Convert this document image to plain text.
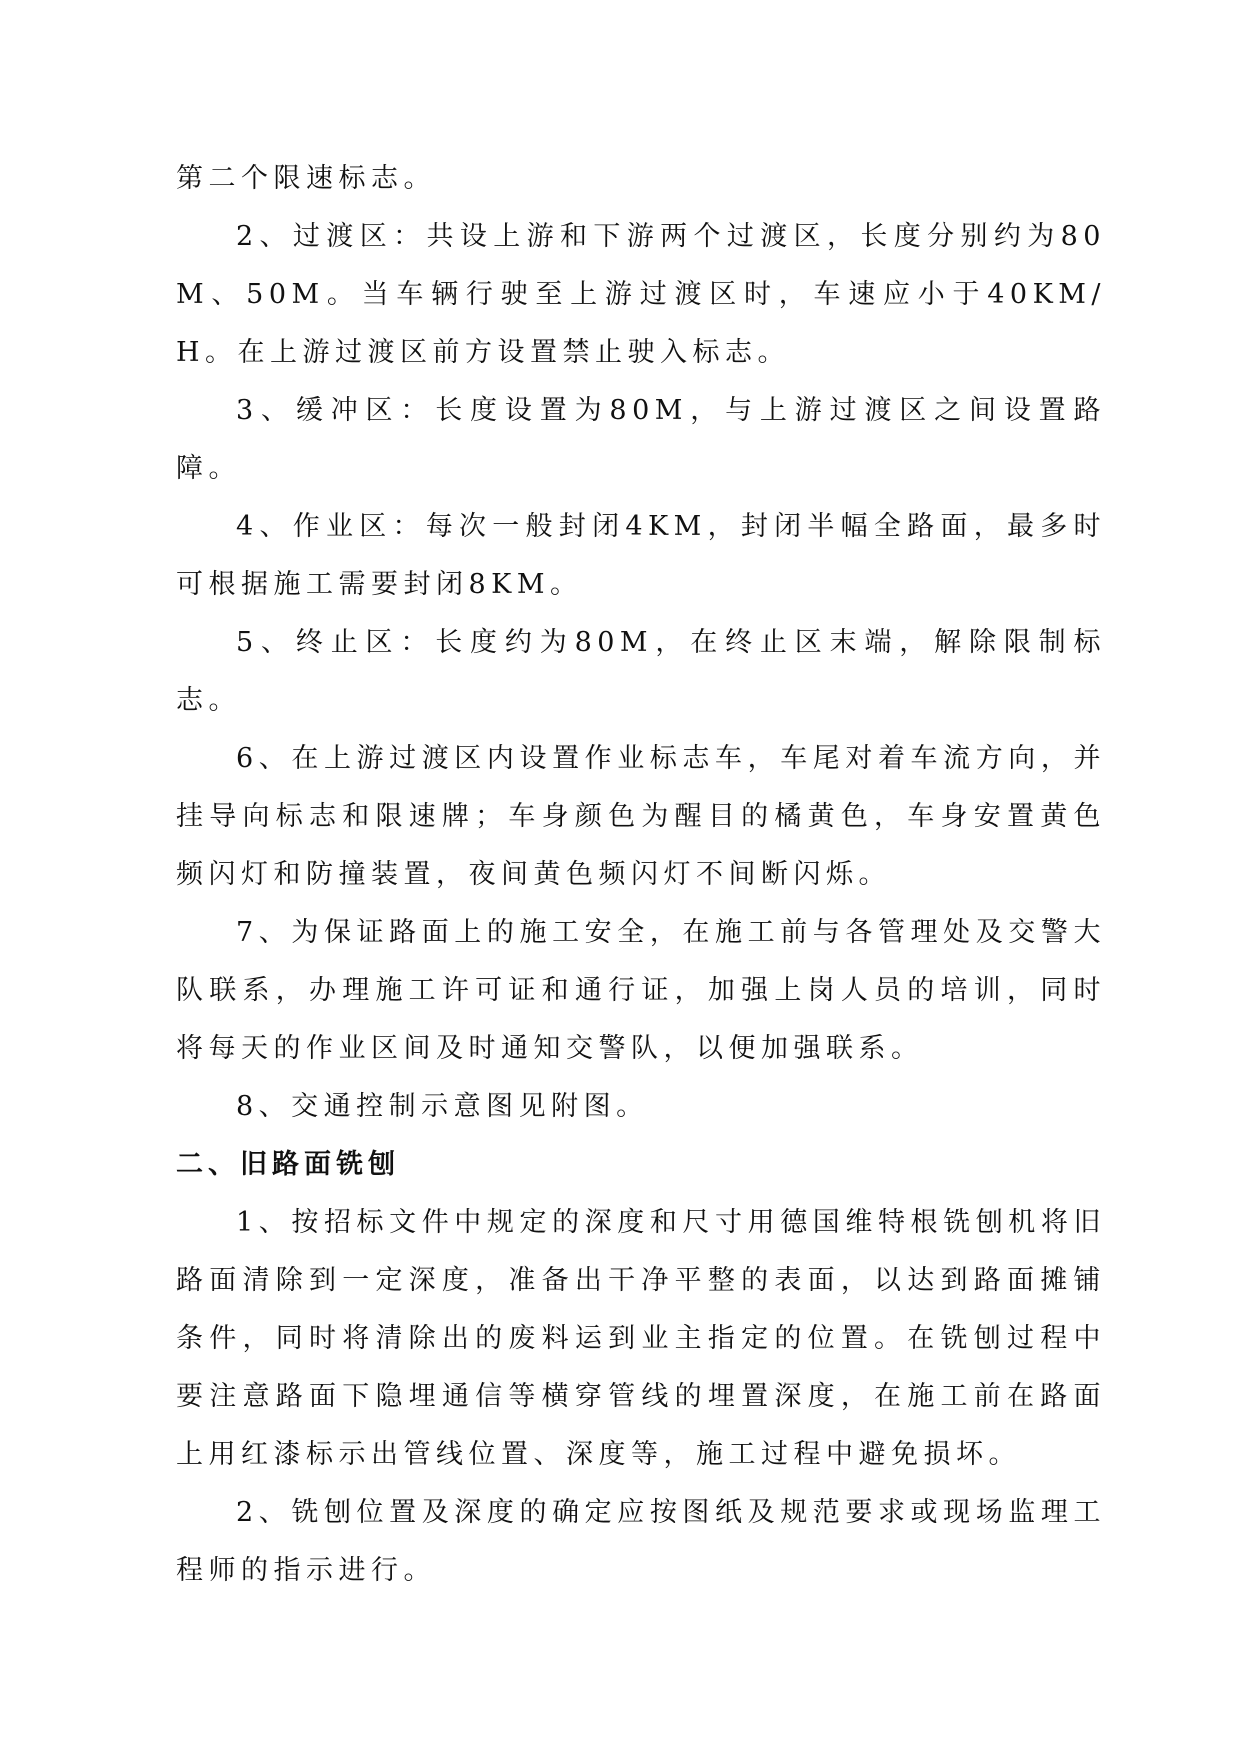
第二个限速标志。

2、过渡区：共设上游和下游两个过渡区，长度分别约为80M、50M。当车辆行驶至上游过渡区时，车速应小于40KM/H。在上游过渡区前方设置禁止驶入标志。

3、缓冲区：长度设置为80M，与上游过渡区之间设置路障。

4、作业区：每次一般封闭4KM，封闭半幅全路面，最多时可根据施工需要封闭8KM。

5、终止区：长度约为80M，在终止区末端，解除限制标志。

6、在上游过渡区内设置作业标志车，车尾对着车流方向，并挂导向标志和限速牌；车身颜色为醒目的橘黄色，车身安置黄色频闪灯和防撞装置，夜间黄色频闪灯不间断闪烁。

7、为保证路面上的施工安全，在施工前与各管理处及交警大队联系，办理施工许可证和通行证，加强上岗人员的培训，同时将每天的作业区间及时通知交警队，以便加强联系。

8、交通控制示意图见附图。

二、旧路面铣刨

1、按招标文件中规定的深度和尺寸用德国维特根铣刨机将旧路面清除到一定深度，准备出干净平整的表面，以达到路面摊铺条件，同时将清除出的废料运到业主指定的位置。在铣刨过程中要注意路面下隐埋通信等横穿管线的埋置深度，在施工前在路面上用红漆标示出管线位置、深度等，施工过程中避免损坏。

2、铣刨位置及深度的确定应按图纸及规范要求或现场监理工程师的指示进行。
